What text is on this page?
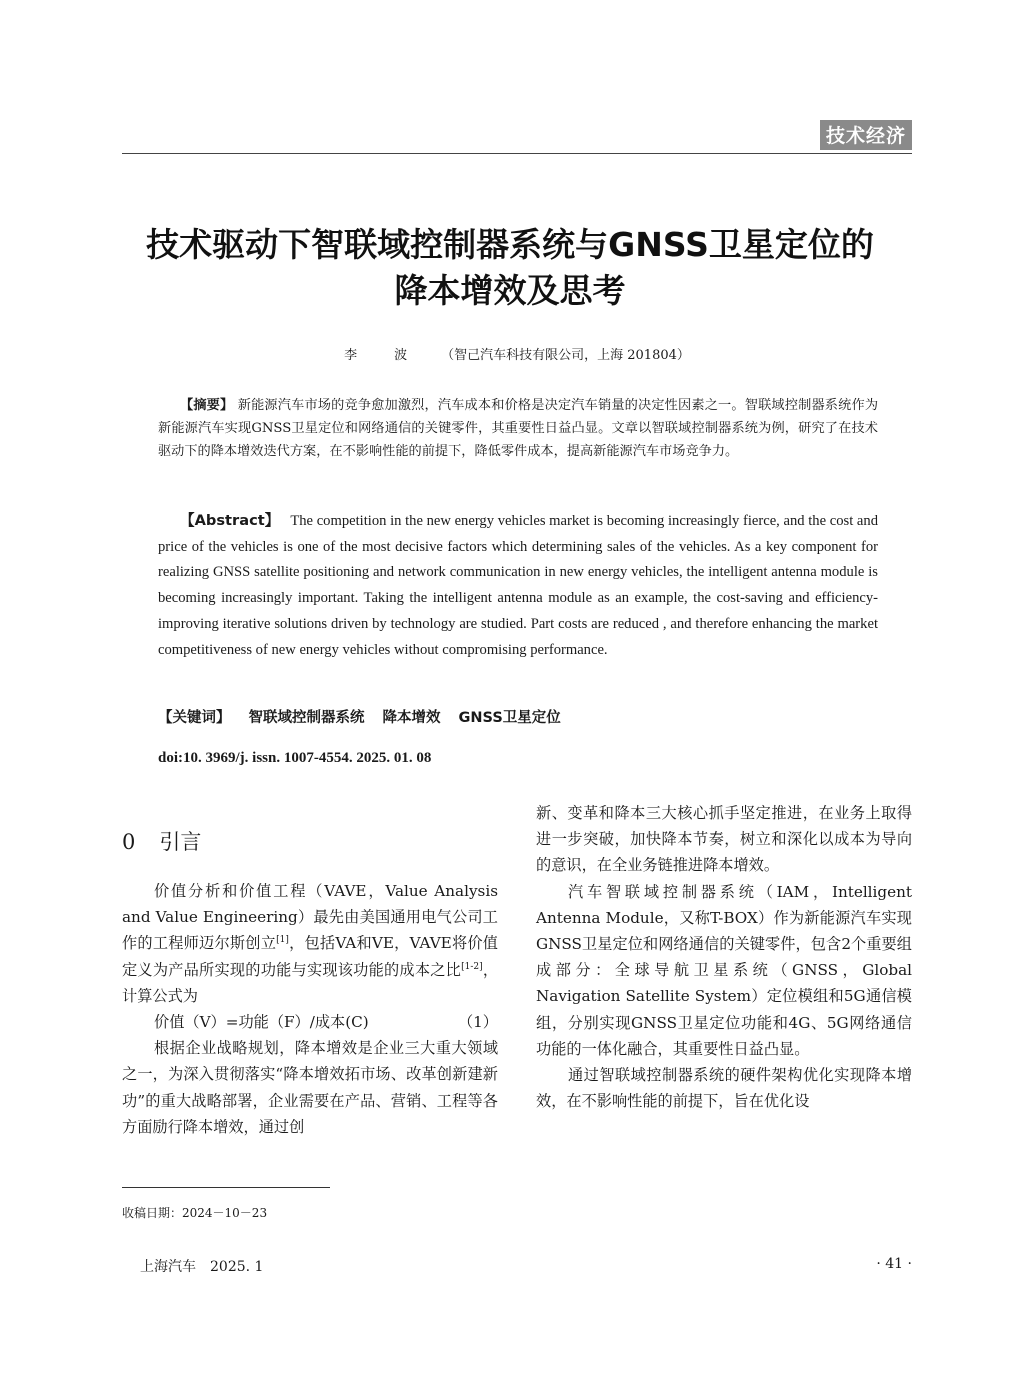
技术经济
技术驱动下智联域控制器系统与GNSS卫星定位的
降本增效及思考
李　波 （智己汽车科技有限公司，上海 201804）
【摘要】 新能源汽车市场的竞争愈加激烈，汽车成本和价格是决定汽车销量的决定性因素之一。智联域控制器系统作为新能源汽车实现GNSS卫星定位和网络通信的关键零件，其重要性日益凸显。文章以智联域控制器系统为例，研究了在技术驱动下的降本增效迭代方案，在不影响性能的前提下，降低零件成本，提高新能源汽车市场竞争力。
【Abstract】 The competition in the new energy vehicles market is becoming increasingly fierce, and the cost and price of the vehicles is one of the most decisive factors which determining sales of the vehicles. As a key component for realizing GNSS satellite positioning and network communication in new energy vehicles, the intelligent antenna module is becoming increasingly important. Taking the intelligent antenna module as an example, the cost-saving and efficiency-improving iterative solutions driven by technology are studied. Part costs are reduced , and therefore enhancing the market competitiveness of new energy vehicles without compromising performance.
【关键词】 智联域控制器系统 降本增效 GNSS卫星定位
doi:10. 3969/j. issn. 1007-4554. 2025. 01. 08
0 引言

价值分析和价值工程（VAVE，Value Analysis and Value Engineering）最先由美国通用电气公司工作的工程师迈尔斯创立[1]，包括VA和VE，VAVE将价值定义为产品所实现的功能与实现该功能的成本之比[1-2]，计算公式为

价值（V）=功能（F）/成本(C)	（1）

根据企业战略规划，降本增效是企业三大重大领域之一，为深入贯彻落实“降本增效拓市场、改革创新建新功”的重大战略部署，企业需要在产品、营销、工程等各方面励行降本增效，通过创

新、变革和降本三大核心抓手坚定推进，在业务上取得进一步突破，加快降本节奏，树立和深化以成本为导向的意识，在全业务链推进降本增效。

汽车智联域控制器系统（IAM，Intelligent Antenna Module，又称T-BOX）作为新能源汽车实现GNSS卫星定位和网络通信的关键零件，包含2个重要组成部分：全球导航卫星系统（GNSS，Global Navigation Satellite System）定位模组和5G通信模组，分别实现GNSS卫星定位功能和4G、5G网络通信功能的一体化融合，其重要性日益凸显。

通过智联域控制器系统的硬件架构优化实现降本增效，在不影响性能的前提下，旨在优化设

收稿日期：2024－10－23
上海汽车 2025. 1	· 41 ·
